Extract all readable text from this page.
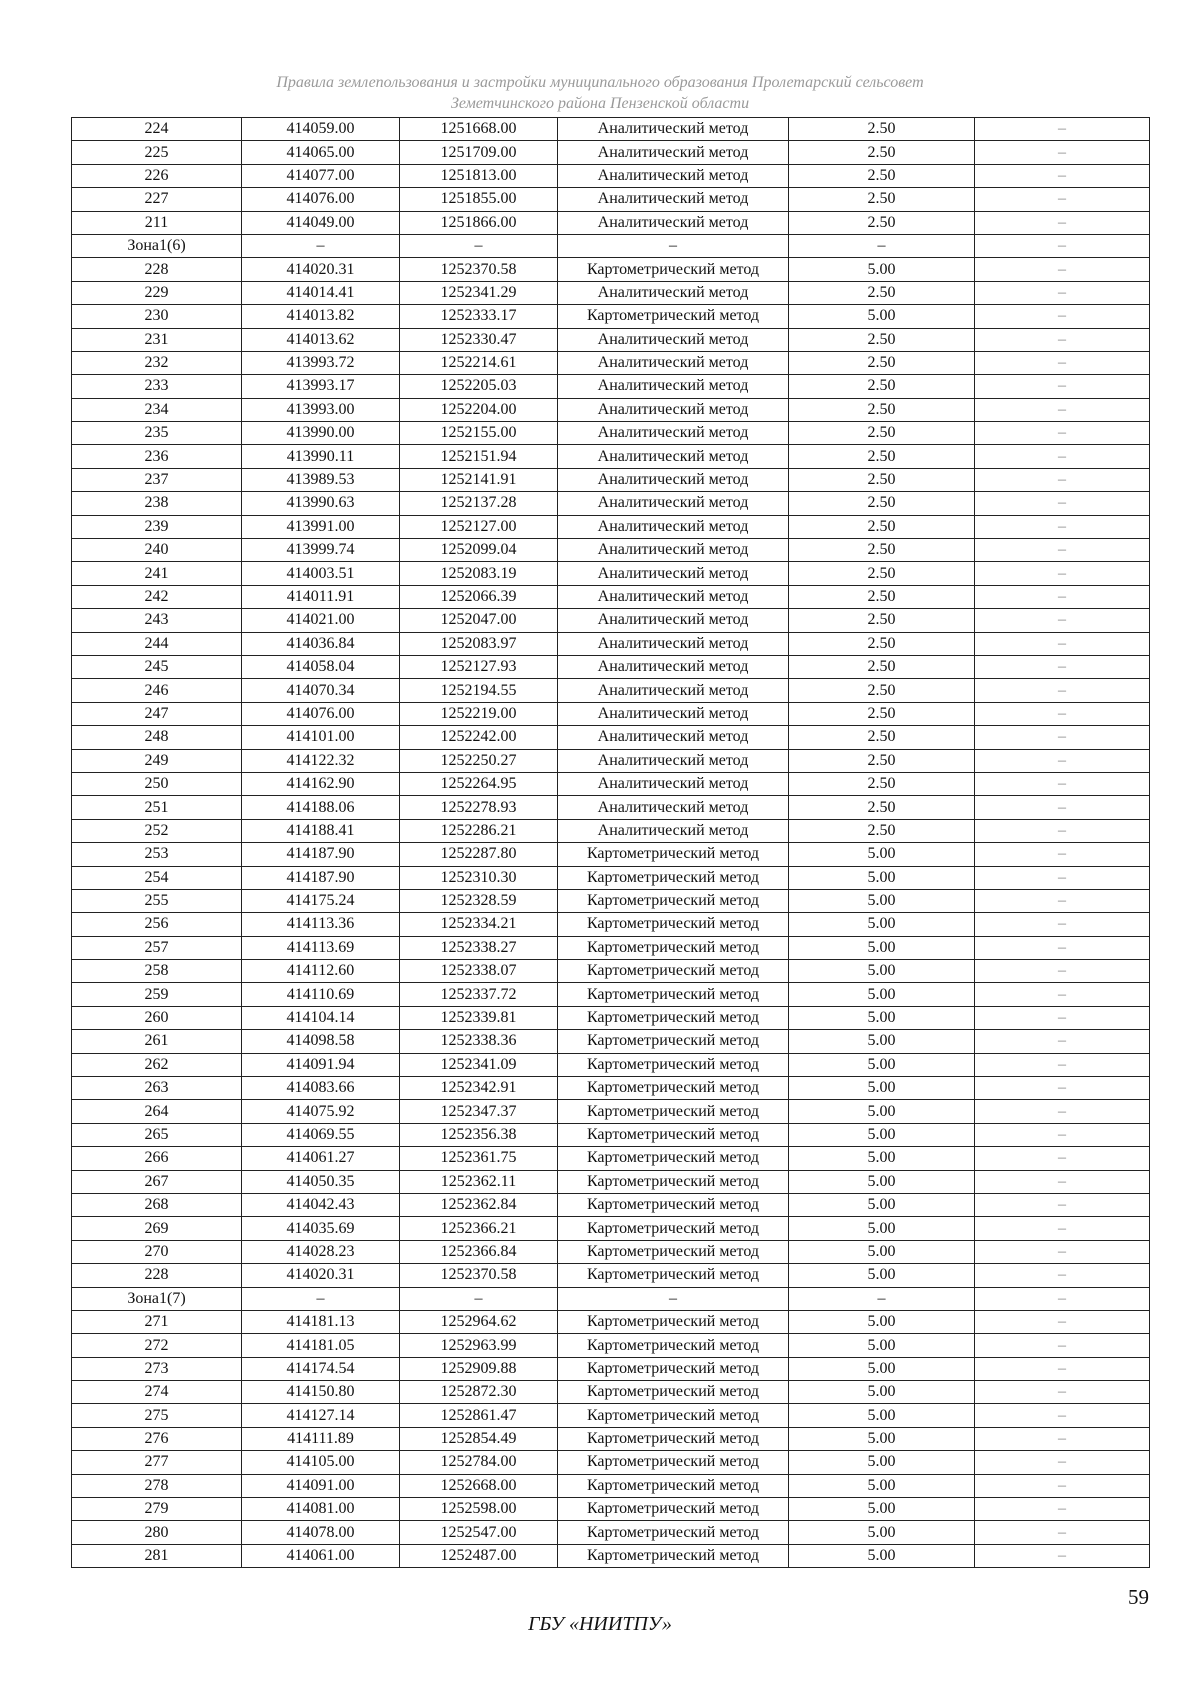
Правила землепользования и застройки муниципального образования Пролетарский сельсовет
Земетчинского района Пензенской области
224	414059.00	1251668.00	Аналитический метод	2.50	–
225	414065.00	1251709.00	Аналитический метод	2.50	–
226	414077.00	1251813.00	Аналитический метод	2.50	–
227	414076.00	1251855.00	Аналитический метод	2.50	–
211	414049.00	1251866.00	Аналитический метод	2.50	–
Зона1(6)	–	–	–	–	–
228	414020.31	1252370.58	Картометрический метод	5.00	–
229	414014.41	1252341.29	Аналитический метод	2.50	–
230	414013.82	1252333.17	Картометрический метод	5.00	–
231	414013.62	1252330.47	Аналитический метод	2.50	–
232	413993.72	1252214.61	Аналитический метод	2.50	–
233	413993.17	1252205.03	Аналитический метод	2.50	–
234	413993.00	1252204.00	Аналитический метод	2.50	–
235	413990.00	1252155.00	Аналитический метод	2.50	–
236	413990.11	1252151.94	Аналитический метод	2.50	–
237	413989.53	1252141.91	Аналитический метод	2.50	–
238	413990.63	1252137.28	Аналитический метод	2.50	–
239	413991.00	1252127.00	Аналитический метод	2.50	–
240	413999.74	1252099.04	Аналитический метод	2.50	–
241	414003.51	1252083.19	Аналитический метод	2.50	–
242	414011.91	1252066.39	Аналитический метод	2.50	–
243	414021.00	1252047.00	Аналитический метод	2.50	–
244	414036.84	1252083.97	Аналитический метод	2.50	–
245	414058.04	1252127.93	Аналитический метод	2.50	–
246	414070.34	1252194.55	Аналитический метод	2.50	–
247	414076.00	1252219.00	Аналитический метод	2.50	–
248	414101.00	1252242.00	Аналитический метод	2.50	–
249	414122.32	1252250.27	Аналитический метод	2.50	–
250	414162.90	1252264.95	Аналитический метод	2.50	–
251	414188.06	1252278.93	Аналитический метод	2.50	–
252	414188.41	1252286.21	Аналитический метод	2.50	–
253	414187.90	1252287.80	Картометрический метод	5.00	–
254	414187.90	1252310.30	Картометрический метод	5.00	–
255	414175.24	1252328.59	Картометрический метод	5.00	–
256	414113.36	1252334.21	Картометрический метод	5.00	–
257	414113.69	1252338.27	Картометрический метод	5.00	–
258	414112.60	1252338.07	Картометрический метод	5.00	–
259	414110.69	1252337.72	Картометрический метод	5.00	–
260	414104.14	1252339.81	Картометрический метод	5.00	–
261	414098.58	1252338.36	Картометрический метод	5.00	–
262	414091.94	1252341.09	Картометрический метод	5.00	–
263	414083.66	1252342.91	Картометрический метод	5.00	–
264	414075.92	1252347.37	Картометрический метод	5.00	–
265	414069.55	1252356.38	Картометрический метод	5.00	–
266	414061.27	1252361.75	Картометрический метод	5.00	–
267	414050.35	1252362.11	Картометрический метод	5.00	–
268	414042.43	1252362.84	Картометрический метод	5.00	–
269	414035.69	1252366.21	Картометрический метод	5.00	–
270	414028.23	1252366.84	Картометрический метод	5.00	–
228	414020.31	1252370.58	Картометрический метод	5.00	–
Зона1(7)	–	–	–	–	–
271	414181.13	1252964.62	Картометрический метод	5.00	–
272	414181.05	1252963.99	Картометрический метод	5.00	–
273	414174.54	1252909.88	Картометрический метод	5.00	–
274	414150.80	1252872.30	Картометрический метод	5.00	–
275	414127.14	1252861.47	Картометрический метод	5.00	–
276	414111.89	1252854.49	Картометрический метод	5.00	–
277	414105.00	1252784.00	Картометрический метод	5.00	–
278	414091.00	1252668.00	Картометрический метод	5.00	–
279	414081.00	1252598.00	Картометрический метод	5.00	–
280	414078.00	1252547.00	Картометрический метод	5.00	–
281	414061.00	1252487.00	Картометрический метод	5.00	–
59
ГБУ «НИИТПУ»
